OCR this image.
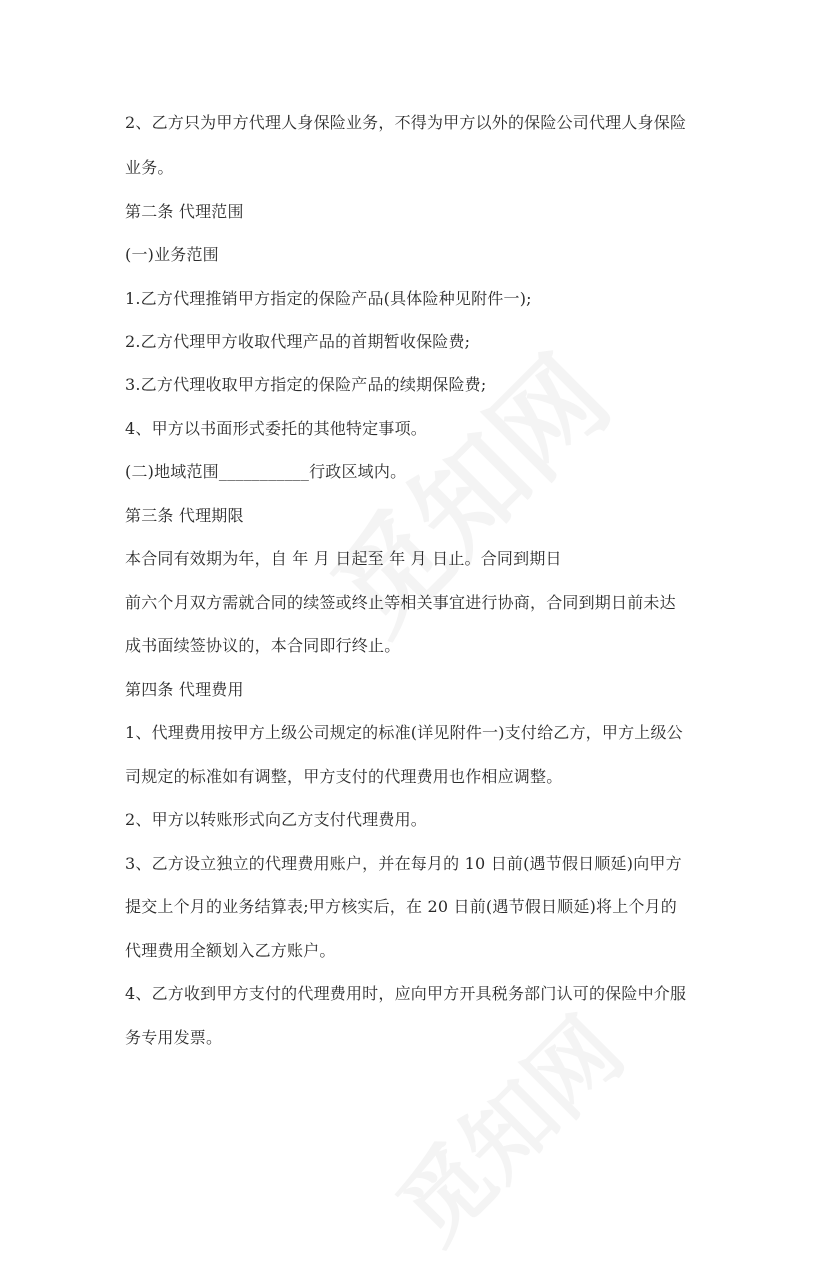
2、乙方只为甲方代理人身保险业务，不得为甲方以外的保险公司代理人身保险
业务。
第二条 代理范围
(一)业务范围
1.乙方代理推销甲方指定的保险产品(具体险种见附件一);
2.乙方代理甲方收取代理产品的首期暂收保险费;
3.乙方代理收取甲方指定的保险产品的续期保险费;
4、甲方以书面形式委托的其他特定事项。
(二)地域范围___________行政区域内。
第三条 代理期限
本合同有效期为年，自 年 月 日起至 年 月 日止。合同到期日
前六个月双方需就合同的续签或终止等相关事宜进行协商，合同到期日前未达
成书面续签协议的，本合同即行终止。
第四条 代理费用
1、代理费用按甲方上级公司规定的标准(详见附件一)支付给乙方，甲方上级公
司规定的标准如有调整，甲方支付的代理费用也作相应调整。
2、甲方以转账形式向乙方支付代理费用。
3、乙方设立独立的代理费用账户，并在每月的 10 日前(遇节假日顺延)向甲方
提交上个月的业务结算表;甲方核实后，在 20 日前(遇节假日顺延)将上个月的
代理费用全额划入乙方账户。
4、乙方收到甲方支付的代理费用时，应向甲方开具税务部门认可的保险中介服
务专用发票。
